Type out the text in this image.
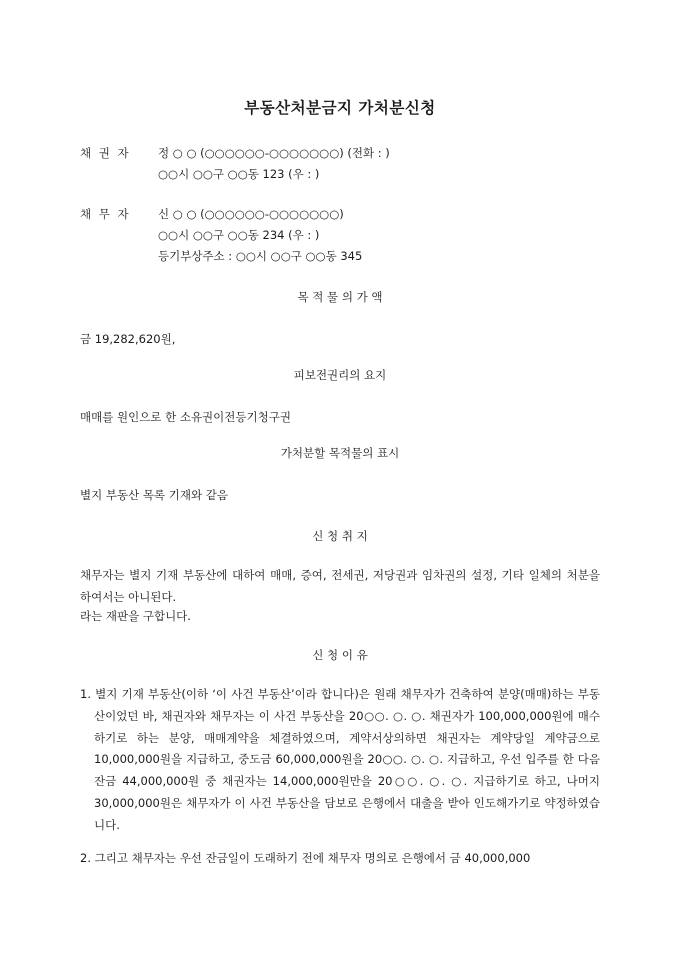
부동산처분금지 가처분신청
채 권 자 정 ○ ○ (○○○○○○-○○○○○○○) (전화 : )
○○시 ○○구 ○○동 123 (우 : )
채 무 자 신 ○ ○ (○○○○○○-○○○○○○○)
○○시 ○○구 ○○동 234 (우 : )
등기부상주소 : ○○시 ○○구 ○○동 345
목 적 물 의 가 액
금 19,282,620원,
피보전권리의 요지
매매를 원인으로 한 소유권이전등기청구권
가처분할 목적물의 표시
별지 부동산 목록 기재와 같음
신 청 취 지
채무자는 별지 기재 부동산에 대하여 매매, 증여, 전세권, 저당권과 임차권의 설정, 기타 일체의 처분을 하여서는 아니된다.
라는 재판을 구합니다.
신 청 이 유
1. 별지 기재 부동산(이하 ‘이 사건 부동산’이라 합니다)은 원래 채무자가 건축하여 분양(매매)하는 부동산이었던 바, 채권자와 채무자는 이 사건 부동산을 20○○. ○. ○. 채권자가 100,000,000원에 매수하기로 하는 분양, 매매계약을 체결하였으며, 계약서상의하면 채권자는 계약당일 계약금으로 10,000,000원을 지급하고, 중도금 60,000,000원을 20○○. ○. ○. 지급하고, 우선 입주를 한 다음 잔금 44,000,000원 중 채권자는 14,000,000원만을 20○○. ○. ○. 지급하기로 하고, 나머지 30,000,000원은 채무자가 이 사건 부동산을 담보로 은행에서 대출을 받아 인도해가기로 약정하였습니다.
2. 그리고 채무자는 우선 잔금일이 도래하기 전에 채무자 명의로 은행에서 금 40,000,000
